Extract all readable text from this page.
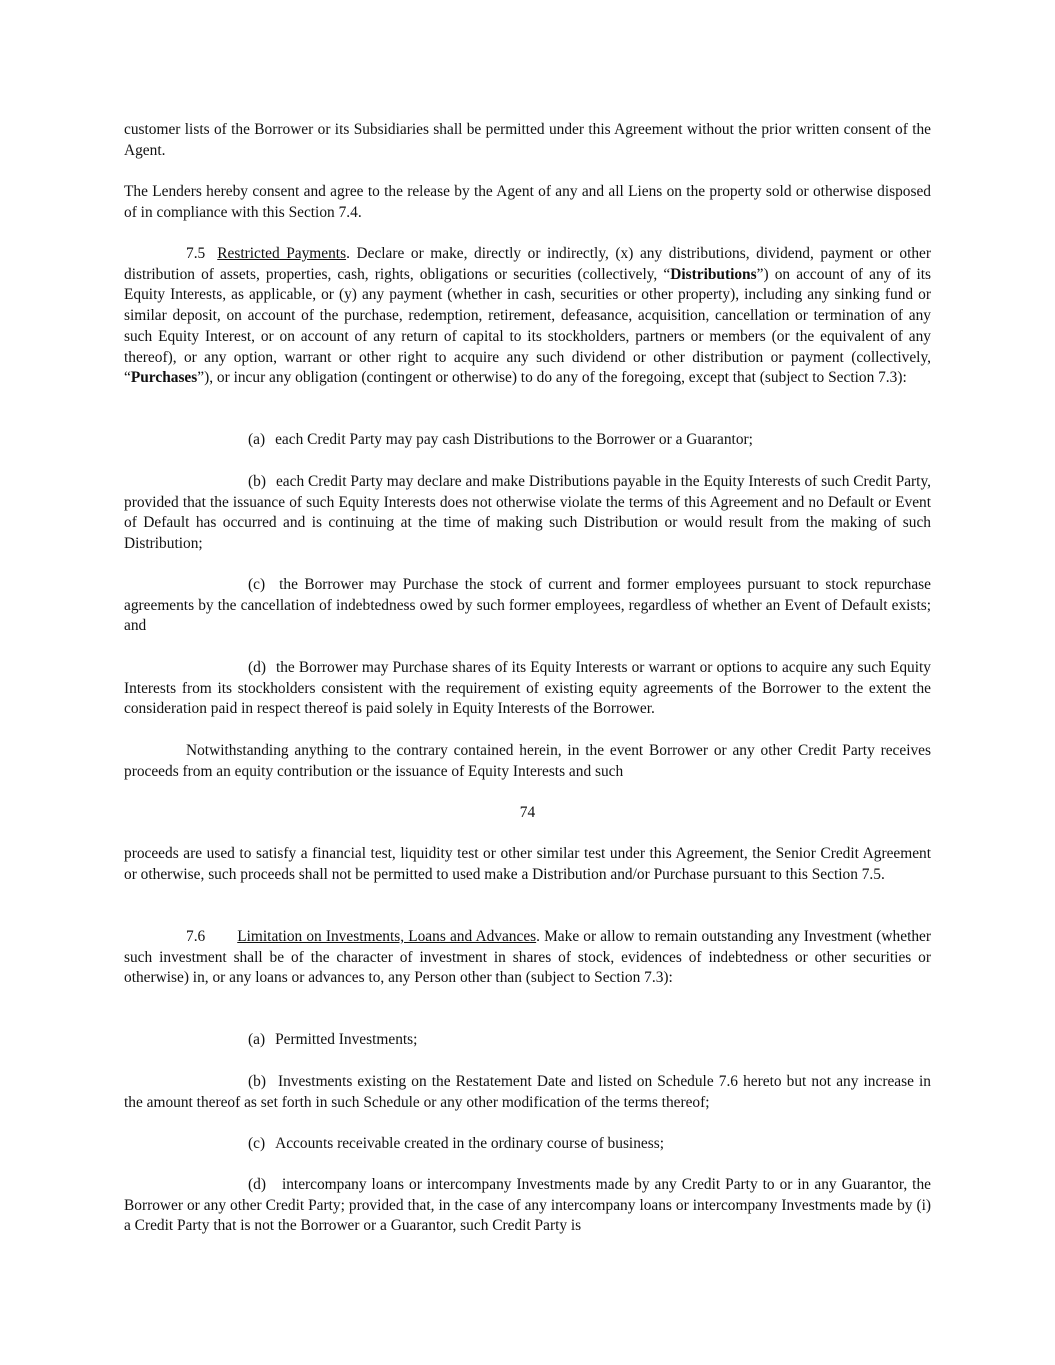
customer lists of the Borrower or its Subsidiaries shall be permitted under this Agreement without the prior written consent of the Agent.

The Lenders hereby consent and agree to the release by the Agent of any and all Liens on the property sold or otherwise disposed of in compliance with this Section 7.4.

7.5 Restricted Payments. Declare or make, directly or indirectly, (x) any distributions, dividend, payment or other distribution of assets, properties, cash, rights, obligations or securities (collectively, “Distributions”) on account of any of its Equity Interests, as applicable, or (y) any payment (whether in cash, securities or other property), including any sinking fund or similar deposit, on account of the purchase, redemption, retirement, defeasance, acquisition, cancellation or termination of any such Equity Interest, or on account of any return of capital to its stockholders, partners or members (or the equivalent of any thereof), or any option, warrant or other right to acquire any such dividend or other distribution or payment (collectively, “Purchases”), or incur any obligation (contingent or otherwise) to do any of the foregoing, except that (subject to Section 7.3):

(a) each Credit Party may pay cash Distributions to the Borrower or a Guarantor;

(b) each Credit Party may declare and make Distributions payable in the Equity Interests of such Credit Party, provided that the issuance of such Equity Interests does not otherwise violate the terms of this Agreement and no Default or Event of Default has occurred and is continuing at the time of making such Distribution or would result from the making of such Distribution;

(c) the Borrower may Purchase the stock of current and former employees pursuant to stock repurchase agreements by the cancellation of indebtedness owed by such former employees, regardless of whether an Event of Default exists; and

(d) the Borrower may Purchase shares of its Equity Interests or warrant or options to acquire any such Equity Interests from its stockholders consistent with the requirement of existing equity agreements of the Borrower to the extent the consideration paid in respect thereof is paid solely in Equity Interests of the Borrower.

Notwithstanding anything to the contrary contained herein, in the event Borrower or any other Credit Party receives proceeds from an equity contribution or the issuance of Equity Interests and such

proceeds are used to satisfy a financial test, liquidity test or other similar test under this Agreement, the Senior Credit Agreement or otherwise, such proceeds shall not be permitted to used make a Distribution and/or Purchase pursuant to this Section 7.5.

7.6 Limitation on Investments, Loans and Advances. Make or allow to remain outstanding any Investment (whether such investment shall be of the character of investment in shares of stock, evidences of indebtedness or other securities or otherwise) in, or any loans or advances to, any Person other than (subject to Section 7.3):

(a) Permitted Investments;

(b) Investments existing on the Restatement Date and listed on Schedule 7.6 hereto but not any increase in the amount thereof as set forth in such Schedule or any other modification of the terms thereof;

(c) Accounts receivable created in the ordinary course of business;

(d) intercompany loans or intercompany Investments made by any Credit Party to or in any Guarantor, the Borrower or any other Credit Party; provided that, in the case of any intercompany loans or intercompany Investments made by (i) a Credit Party that is not the Borrower or a Guarantor, such Credit Party is

74
